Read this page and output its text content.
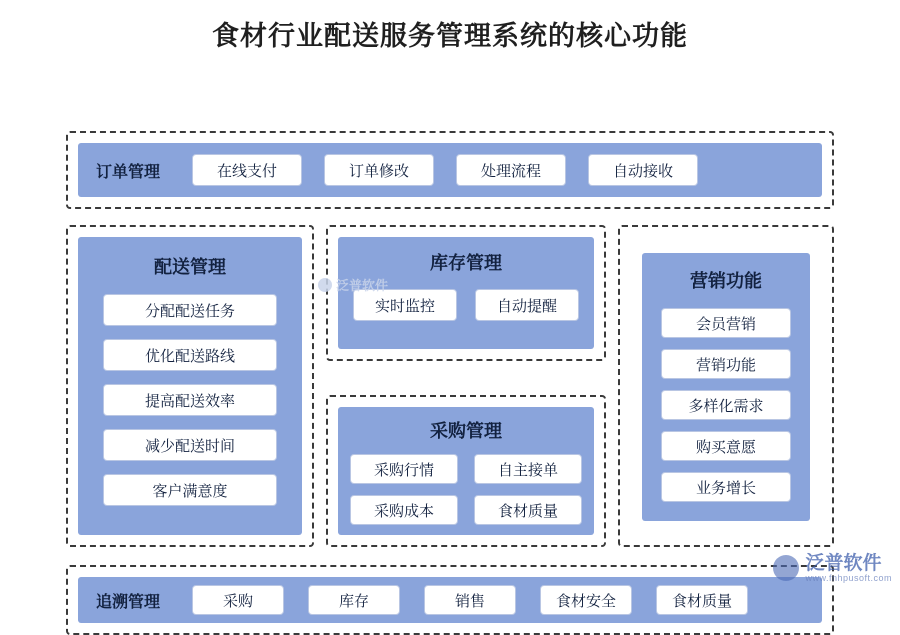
食材行业配送服务管理系统的核心功能
订单管理	在线支付	订单修改	处理流程	自动接收
配送管理
分配配送任务
优化配送路线
提高配送效率
减少配送时间
客户满意度
库存管理
实时监控	自动提醒
采购管理
采购行情	自主接单
采购成本	食材质量
营销功能
会员营销
营销功能
多样化需求
购买意愿
业务增长
追溯管理	采购	库存	销售	食材安全	食材质量
泛普软件
泛普软件
www.fnhpusoft.com
